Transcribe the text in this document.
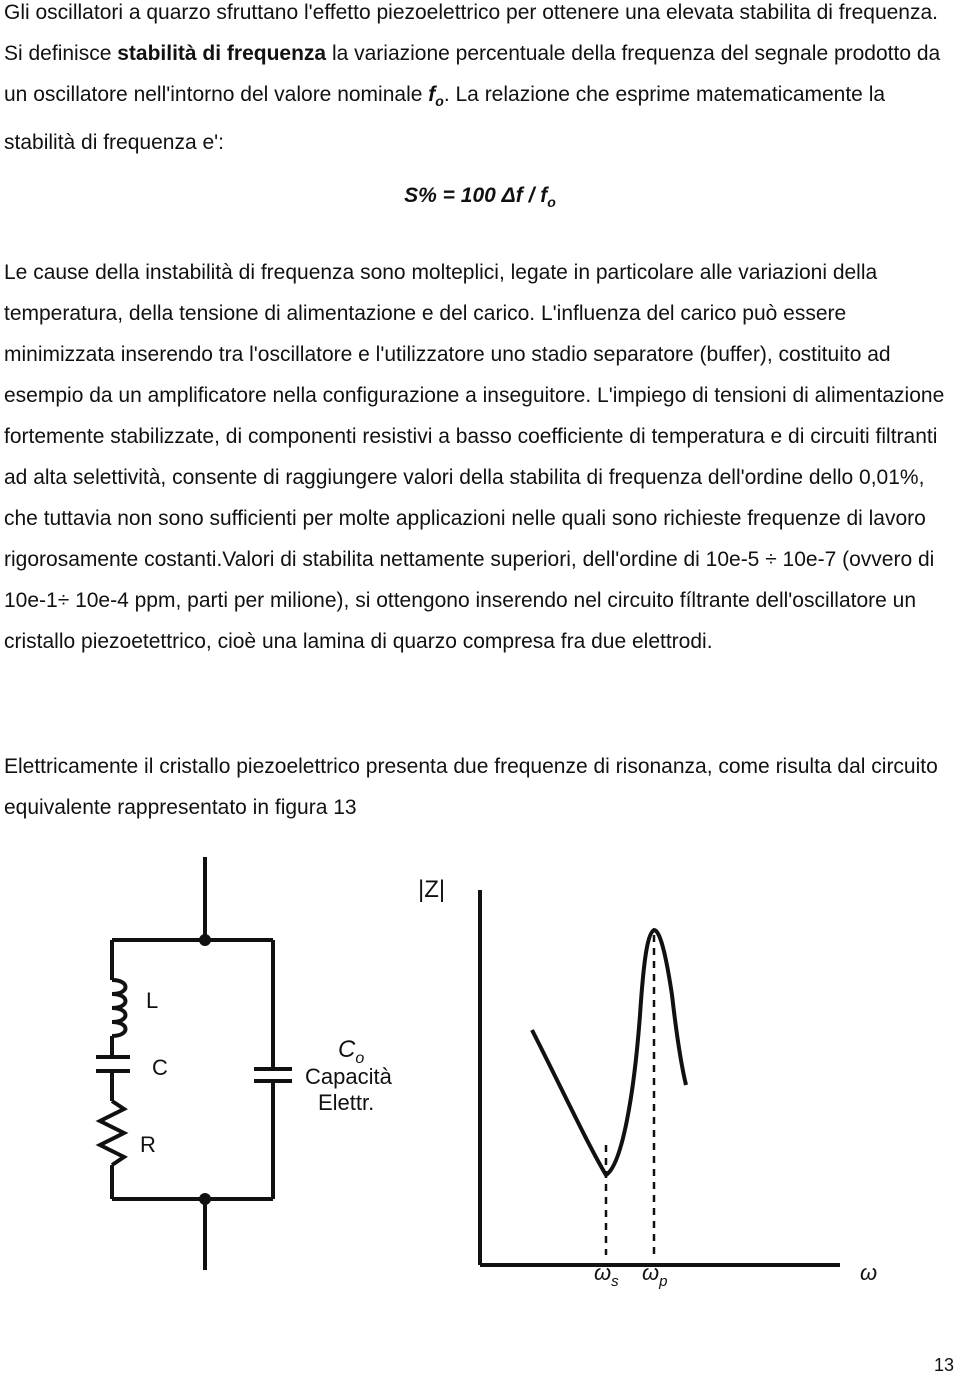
Gli oscillatori a quarzo sfruttano l'effetto piezoelettrico per ottenere una elevata stabilita di frequenza. Si definisce stabilità di frequenza la variazione percentuale della frequenza del segnale prodotto da un oscillatore nell'intorno del valore nominale $f_o$. La relazione che esprime matematicamente la stabilità di frequenza e':

S% = 100 Δf / $f_o$

Le cause della instabilità di frequenza sono molteplici, legate in particolare alle variazioni della temperatura, della tensione di alimentazione e del carico. L'influenza del carico può essere minimizzata inserendo tra l'oscillatore e l'utilizzatore uno stadio separatore (buffer), costituito ad esempio da un amplificatore nella configurazione a inseguitore. L'impiego di tensioni di alimentazione fortemente stabilizzate, di componenti resistivi a basso coefficiente di temperatura e di circuiti filtranti ad alta selettività, consente di raggiungere valori della stabilita di frequenza dell'ordine dello 0,01%, che tuttavia non sono sufficienti per molte applicazioni nelle quali sono richieste frequenze di lavoro rigorosamente costanti.Valori di stabilita nettamente superiori, dell'ordine di 10e-5 ÷ 10e-7 (ovvero di 10e-1÷ 10e-4 ppm, parti per milione), si ottengono inserendo nel circuito fíltrante dell'oscillatore un cristallo piezoetettrico, cioè una lamina di quarzo compresa fra due elettrodi.

Elettricamente il cristallo piezoelettrico presenta due frequenze di risonanza, come risulta dal circuito equivalente rappresentato in figura 13

L
C
R
$C_o$
Capacità
Elettr.
|Z|
$\omega_s$ $\omega_p$	ω
13
